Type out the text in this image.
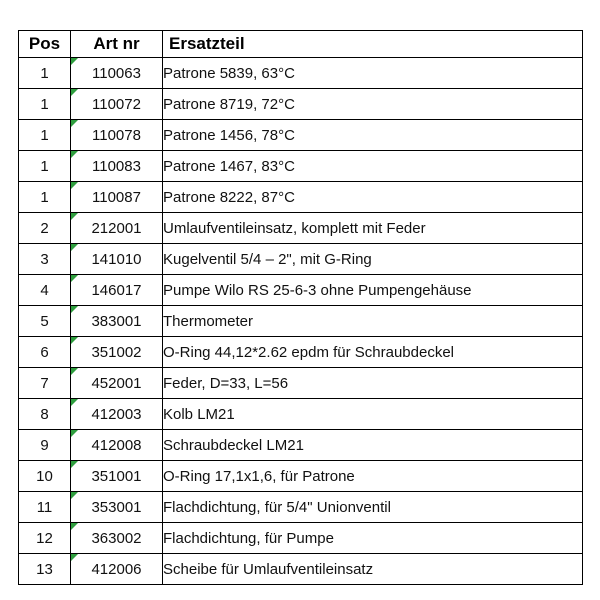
Pos	Art nr	Ersatzteil
1	110063	Patrone 5839, 63°C
1	110072	Patrone 8719, 72°C
1	110078	Patrone 1456, 78°C
1	110083	Patrone 1467, 83°C
1	110087	Patrone 8222, 87°C
2	212001	Umlaufventileinsatz, komplett mit Feder
3	141010	Kugelventil 5/4 – 2", mit G-Ring
4	146017	Pumpe Wilo RS 25-6-3 ohne Pumpengehäuse
5	383001	Thermometer
6	351002	O-Ring 44,12*2.62 epdm für Schraubdeckel
7	452001	Feder, D=33, L=56
8	412003	Kolb LM21
9	412008	Schraubdeckel LM21
10	351001	O-Ring 17,1x1,6, für Patrone
11	353001	Flachdichtung, für 5/4" Unionventil
12	363002	Flachdichtung, für Pumpe
13	412006	Scheibe für Umlaufventileinsatz
